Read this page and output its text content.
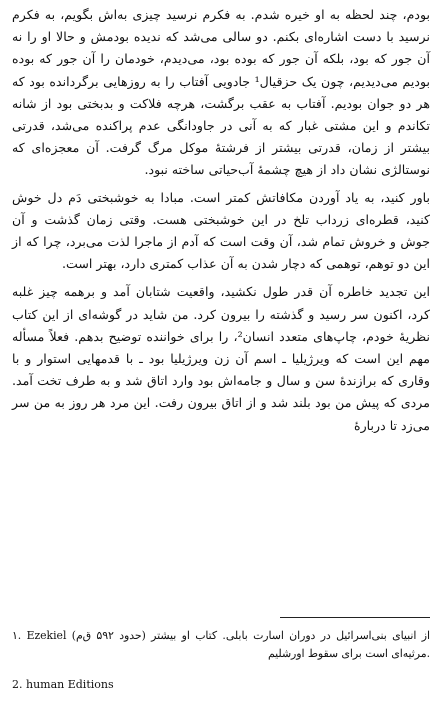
بودم، چند لحظه به او خیره شدم. به فکرم نرسید چیزی به‌اش بگویم، به فکرم نرسید با دست اشاره‌ای بکنم. دو سالی می‌شد که ندیده بودمش و حالا او را نه آن جور که بود، بلکه آن جور که بوده بود، می‌دیدم، خودمان را آن جور که بوده بودیم می‌دیدیم، چون یک حزقیال¹ جادویی آفتاب را به روزهایی برگردانده بود که هر دو جوان بودیم. آفتاب به عقب برگشت، هرچه فلاکت و بدبختی بود از شانه تکاندم و این مشتی غبار که به آنی در جاودانگی عدم پراکنده می‌شد، قدرتی بیشتر از زمان، قدرتی بیشتر از فرشتهٔ موکل مرگ گرفت. آن معجزه‌ای که نوستالژی نشان داد از هیچ چشمهٔ آب‌حیاتی ساخته نبود.

باور کنید، به یاد آوردن مکافاتش کمتر است. مبادا به خوشبختی دَم دل خوش کنید، قطره‌ای زرداب تلخ در این خوشبختی هست. وقتی زمان گذشت و آن جوش و خروش تمام شد، آن وقت است که آدم از ماجرا لذت می‌برد، چرا که از این دو توهم، توهمی که دچار شدن به آن عذاب کمتری دارد، بهتر است.

این تجدید خاطره آن قدر طول نکشید، واقعیت شتابان آمد و برهمه چیز غلبه کرد، اکنون سر رسید و گذشته را بیرون کرد. من شاید در گوشه‌ای از این کتاب نظریهٔ خودم، چاپ‌های متعدد انسان²، را برای خواننده توضیح بدهم. فعلاً مسأله مهم این است که ویرژیلیا ـ اسم آن زن ویرژیلیا بود ـ با قدمهایی استوار و با وقاری که برازندهٔ سن و سال و جامه‌اش بود وارد اتاق شد و به طرف تخت آمد. مردی که پیش من بود بلند شد و از اتاق بیرون رفت. این مرد هر روز به من سر می‌زد تا دربارهٔ

۱. Ezekiel (حدود ۵۹۲ ق‌م) از انبیای بنی‌اسرائیل در دوران اسارت بابلی. کتاب او بیشتر مرثیه‌ای است برای سقوط اورشلیم.

2. human Editions
